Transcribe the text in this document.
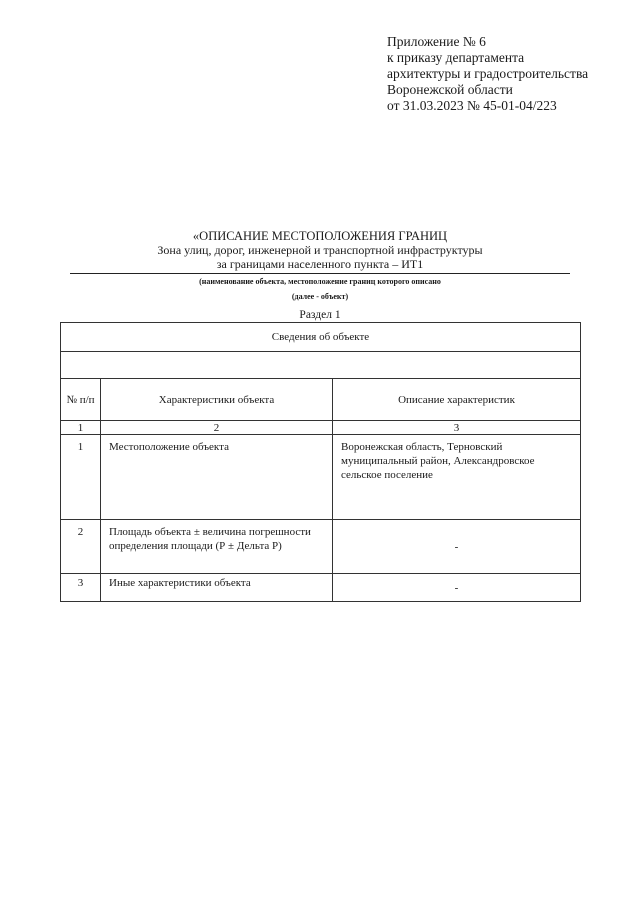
Приложение № 6
к приказу департамента
архитектуры и градостроительства
Воронежской области
от 31.03.2023 № 45-01-04/223
«ОПИСАНИЕ МЕСТОПОЛОЖЕНИЯ ГРАНИЦ
Зона улиц, дорог, инженерной и транспортной инфраструктуры
за границами населенного пункта – ИТ1
(наименование объекта, местоположение границ которого описано
(далее - объект)
Раздел 1
Сведения об объекте		

№ п/п	Характеристики объекта	Описание характеристик
1	2	3

1	Местоположение объекта	Воронежская область, Терновский муниципальный район, Александровское сельское поселение

2	Площадь объекта ± величина погрешности определения площади (Р ± Дельта Р)	-

3	Иные характеристики объекта	-
